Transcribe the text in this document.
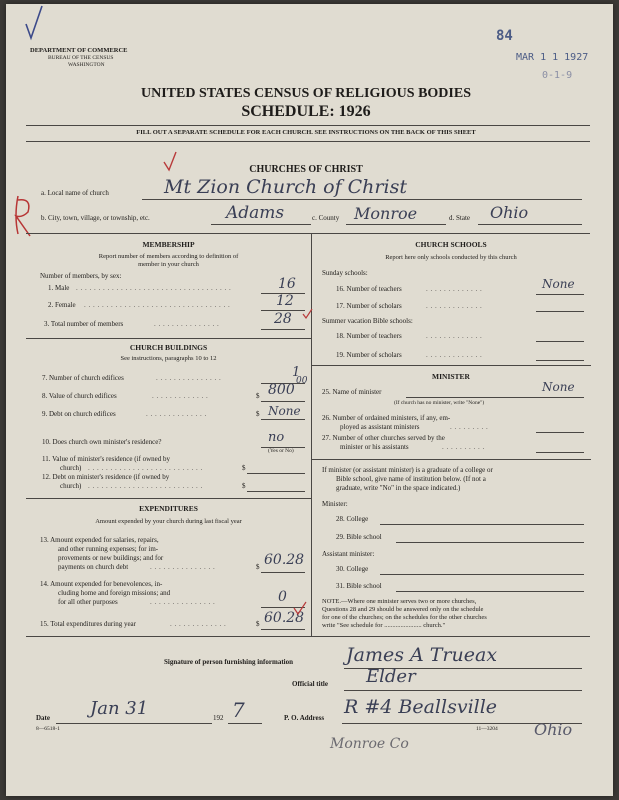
DEPARTMENT OF COMMERCE
BUREAU OF THE CENSUS
WASHINGTON
84
MAR 1 1 1927
0-1-9
UNITED STATES CENSUS OF RELIGIOUS BODIES
SCHEDULE: 1926
FILL OUT A SEPARATE SCHEDULE FOR EACH CHURCH. SEE INSTRUCTIONS ON THE BACK OF THIS SHEET
CHURCHES OF CHRIST
a. Local name of church	Mt Zion Church of Christ
b. City, town, village, or township, etc.	Adams	c. County Monroe	d. State Ohio
MEMBERSHIP
Report number of members according to definition of
member in your church
Number of members, by sex:
1. Male . . . . . . . . . . . . . . . . . . . . . . . . . . . . . . . . . . .	16
2. Female . . . . . . . . . . . . . . . . . . . . . . . . . . . . . . . . .	12
3. Total number of members	. . . . . . . . . . . . . . .	28
CHURCH BUILDINGS
See instructions, paragraphs 10 to 12
7. Number of church edifices	. . . . . . . . . . . . . . .	1
8. Value of church edifices	. . . . . . . . . . . . .	$ 800
00
9. Debt on church edifices	. . . . . . . . . . . . . .	$ None
10. Does church own minister's residence?	no
(Yes or No)
11. Value of minister's residence (if owned by
church) . . . . . . . . . . . . . . . . . . . . . . . . . .	$
12. Debt on minister's residence (if owned by
church) . . . . . . . . . . . . . . . . . . . . . . . . . .	$
EXPENDITURES
Amount expended by your church during last fiscal year
13. Amount expended for salaries, repairs,
and other running expenses; for im-
provements or new buildings; and for
payments on church debt	. . . . . . . . . . . . . . .	$ 60.28
14. Amount expended for benevolences, in-
cluding home and foreign missions; and
for all other purposes	. . . . . . . . . . . . . . .	0
15. Total expenditures during year	. . . . . . . . . . . . .	$ 60.28
CHURCH SCHOOLS
Report here only schools conducted by this church
Sunday schools:
16. Number of teachers	. . . . . . . . . . . . .	None
17. Number of scholars	. . . . . . . . . . . . .
Summer vacation Bible schools:
18. Number of teachers	. . . . . . . . . . . . .
19. Number of scholars	. . . . . . . . . . . . .
MINISTER
25. Name of minister	None
(If church has no minister, write "None")
26. Number of ordained ministers, if any, em-
ployed as assistant ministers	. . . . . . . . .
27. Number of other churches served by the
minister or his assistants	. . . . . . . . . .
If minister (or assistant minister) is a graduate of a college or
Bible school, give name of institution below. (If not a
graduate, write "No" in the space indicated.)
Minister:
28. College
29. Bible school
Assistant minister:
30. College
31. Bible school
NOTE.—Where one minister serves two or more churches,
Questions 28 and 29 should be answered only on the schedule
for one of the churches; on the schedules for the other churches
write "See schedule for ....................... church."
Signature of person furnishing information	James A Trueax
Official title Elder
Date Jan 31	192 7
8—6518-1
P. O. Address R #4 Beallsville
11—3204 Ohio
Monroe Co
